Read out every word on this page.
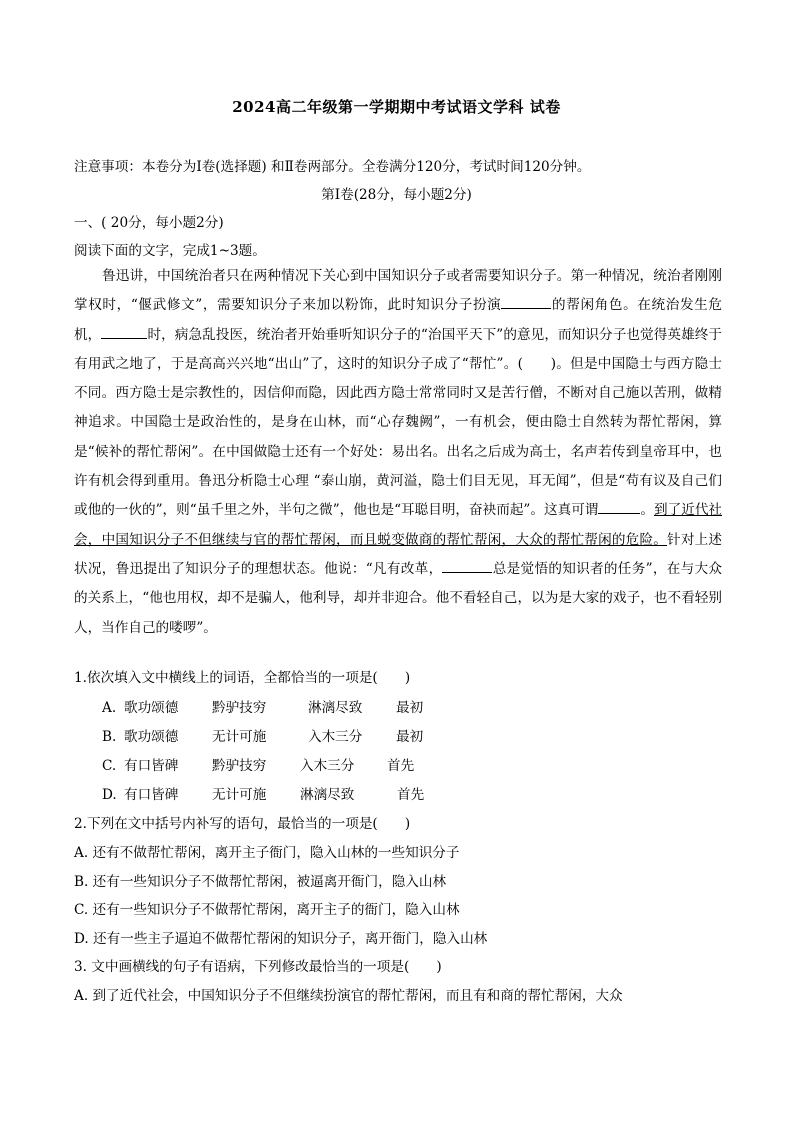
2024高二年级第一学期期中考试语文学科 试卷
注意事项：本卷分为Ⅰ卷(选择题) 和Ⅱ卷两部分。全卷满分120分，考试时间120分钟。
第Ⅰ卷(28分，每小题2分)
一、( 20分，每小题2分)
阅读下面的文字，完成1~3题。
鲁迅讲，中国统治者只在两种情况下关心到中国知识分子或者需要知识分子。第一种情况，统治者刚刚掌权时，“偃武修文”，需要知识分子来加以粉饰，此时知识分子扮演	的帮闲角色。在统治发生危机，	时，病急乱投医，统治者开始垂听知识分子的“治国平天下”的意见，而知识分子也觉得英雄终于有用武之地了，于是高高兴兴地“出山”了，这时的知识分子成了“帮忙”。(　　)。但是中国隐士与西方隐士不同。西方隐士是宗教性的，因信仰而隐，因此西方隐士常常同时又是苦行僧，不断对自己施以苦刑，做精神追求。中国隐士是政治性的，是身在山林，而“心存魏阙”，一有机会，便由隐士自然转为帮忙帮闲，算是“候补的帮忙帮闲”。在中国做隐士还有一个好处：易出名。出名之后成为高士，名声若传到皇帝耳中，也许有机会得到重用。鲁迅分析隐士心理 “泰山崩，黄河溢，隐士们目无见，耳无闻”，但是“苟有议及自己们或他的一伙的”，则“虽千里之外，半句之微”，他也是“耳聪目明，奋袂而起”。这真可谓	。到了近代社会，中国知识分子不但继续与官的帮忙帮闲，而且蜕变做商的帮忙帮闲，大众的帮忙帮闲的危险。针对上述状况，鲁迅提出了知识分子的理想状态。他说：“凡有改革，	总是觉悟的知识者的任务”，在与大众的关系上，“他也用权，却不是骗人，他利导，却并非迎合。他不看轻自己，以为是大家的戏子，也不看轻别人，当作自己的喽啰”。
1.依次填入文中横线上的词语，全都恰当的一项是(　　)
A. 歌功颂德 黔驴技穷	淋漓尽致 最初
B. 歌功颂德 无计可施	入木三分 最初
C. 有口皆碑 黔驴技穷 入木三分 首先
D. 有口皆碑 无计可施 淋漓尽致	首先
2.下列在文中括号内补写的语句，最恰当的一项是(　　)
A. 还有不做帮忙帮闲，离开主子衙门，隐入山林的一些知识分子
B. 还有一些知识分子不做帮忙帮闲，被逼离开衙门，隐入山林
C. 还有一些知识分子不做帮忙帮闲，离开主子的衙门，隐入山林
D. 还有一些主子逼迫不做帮忙帮闲的知识分子，离开衙门，隐入山林
3. 文中画横线的句子有语病，下列修改最恰当的一项是(　　)
A. 到了近代社会，中国知识分子不但继续扮演官的帮忙帮闲，而且有和商的帮忙帮闲，大众
